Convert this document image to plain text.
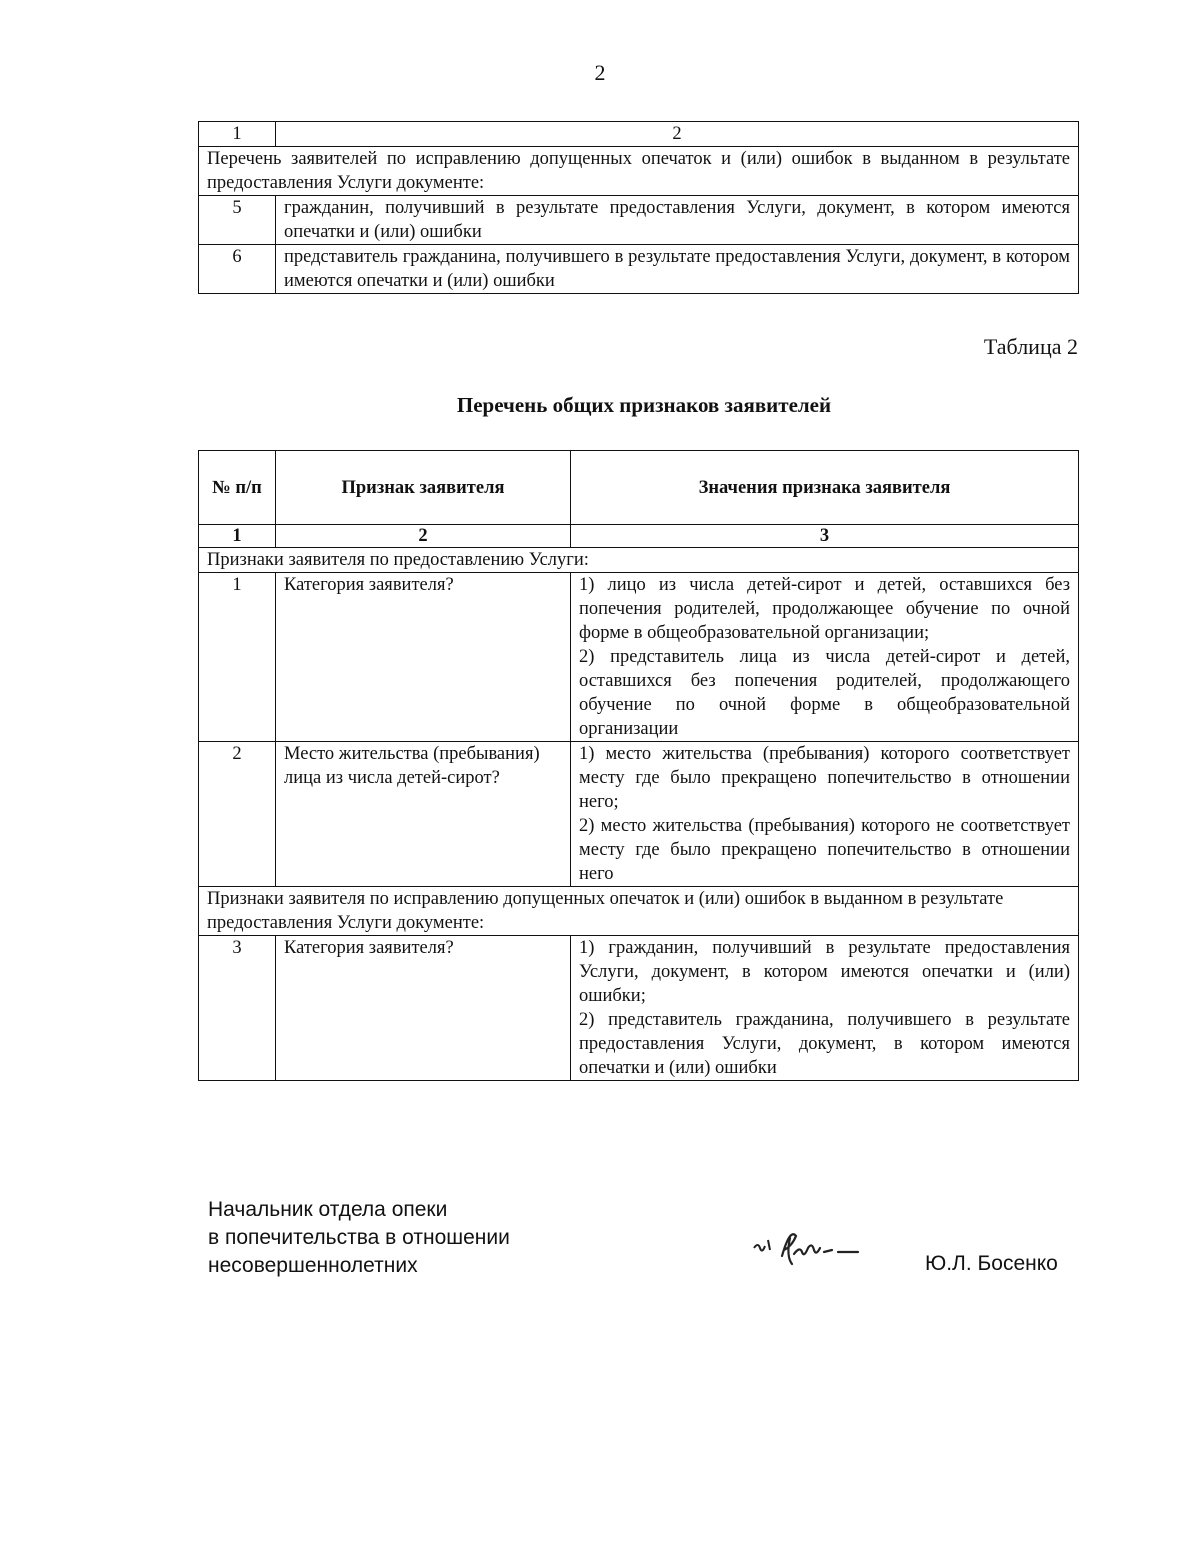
2
1	2
Перечень заявителей по исправлению допущенных опечаток и (или) ошибок в выданном в результате предоставления Услуги документе:	
5	гражданин, получивший в результате предоставления Услуги, документ, в котором имеются опечатки и (или) ошибки
6	представитель гражданина, получившего в результате предоставления Услуги, документ, в котором имеются опечатки и (или) ошибки
Таблица 2
Перечень общих признаков заявителей
№ п/п	Признак заявителя	Значения признака заявителя
1	2	3
Признаки заявителя по предоставлению Услуги:		
1	Категория заявителя?	1) лицо из числа детей-сирот и детей, оставшихся без попечения родителей, продолжающее обучение по очной форме в общеобразовательной организации;
2) представитель лица из числа детей-сирот и детей, оставшихся без попечения родителей, продолжающего обучение по очной форме в общеобразовательной организации

2	Место жительства (пребывания) лица из числа детей-сирот?	1) место жительства (пребывания) которого соответствует месту где было прекращено попечительство в отношении него;
2) место жительства (пребывания) которого не соответствует месту где было прекращено попечительство в отношении него

Признаки заявителя по исправлению допущенных опечаток и (или) ошибок в выданном в результате предоставления Услуги документе:		
3	Категория заявителя?	1) гражданин, получивший в результате предоставления Услуги, документ, в котором имеются опечатки и (или) ошибки;
2) представитель гражданина, получившего в результате предоставления Услуги, документ, в котором имеются опечатки и (или) ошибки
Начальник отдела опеки
в попечительства в отношении
несовершеннолетних	Ю.Л. Босенко
